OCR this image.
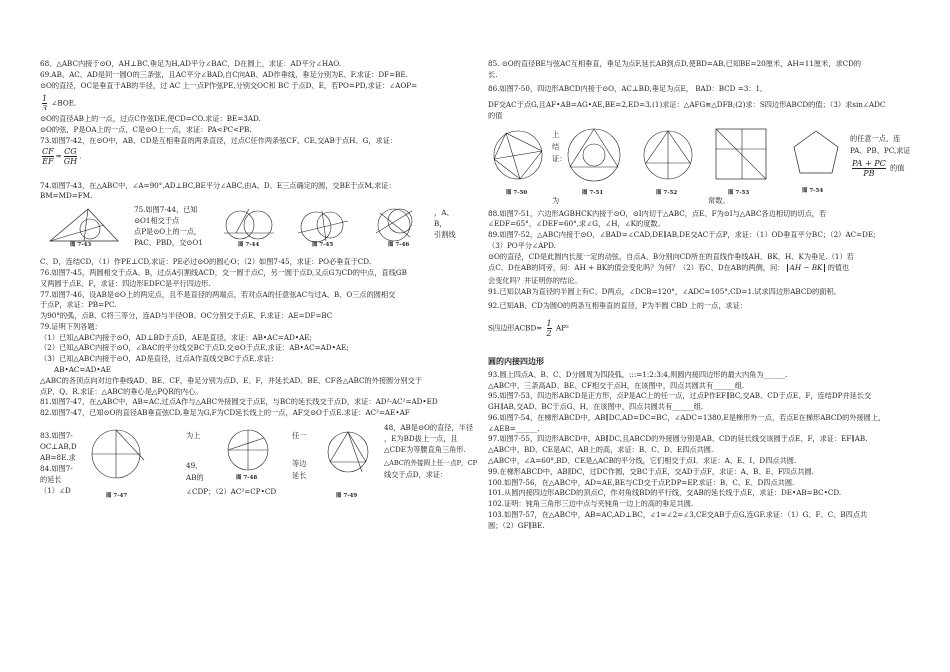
68、△ABC内接于⊙O，AH⊥BC,垂足为H,AD平分∠BAC，D在圆上，求证：AD平分∠HAO.
69.AB、AC、AD是同一圆O的三条弦，且AC平分∠BAD,自C向AB、AD作垂线，垂足分别为E、F.求证：DF=BE.
⊙O的直径，OC是垂直于AB的半径，过 AC 上一点P作弦PE,分别交OC和 BC 于点D、E，若PO=PD,求证：∠AOP=
$\frac{1}{3}$ ∠BOE.
⊙O的直径AB上的一点，过点C作弦DE,使CD=CO.求证：BE=3AD.
⊙O的弦，P是OA上的一点，C是⊙O上一点，求证：PA<PC<PB.
73.如图7-42，在⊙O中，AB、CD是互相垂直的两条直径，过点C任作两条弦CF、CE,交AB于点H、G，求证：
$\frac{CF}{EF} = \frac{CG}{GH}$ .
74.如图7-43，在△ABC中，∠A=90°,AD⊥BC,BE平分∠ABC,由A、D、E三点确定的圆，交BE于点M,求证：
BM=MD=FM.
图 7-43
75.如图7-44，已知
⊙O1相交于点
点P是⊙O上的一点，
PAC、PBD，交⊙O1	图 7-44	图 7-45	图 7-46
，A、
B，
引割线
C、D，连结CD，（1）作PE⊥CD,求证：PE必过⊙O的圆心O；（2）如图7-45，求证：PO必垂直于CD.
76.如图7-45，两圆相交于点A、B，过点A引割线ACD，交一圆于点C，另一圆于点D,又点G为CD的中点，直线GB
又两圆于点E、F，求证：四边形EDFC是平行四边形.
77.如图7-46，设AB是⊙O上的两定点，且不是直径的两端点，若对点A的任意弦AC与过A、B、O三点的圆相交
于点P，求证：PB=PC.
为90°的弧，点B、C将三等分，连AD与半径OB、OC分别交于点E、F.求证：AE=DF=BC
79.证明下列各题：
（1）已知△ABC内接于⊙O，AD⊥BD于点D，AE是直径，求证：AB•AC=AD•AE;
（2）已知△ABC内接于⊙O，∠BAC的平分线交BC于点D,交⊙O于点E,求证：AB•AC=AD•AE;
（3）已知△ABC内接于⊙O，AD是直径，过点A作直线交BC于点E,求证：
AB•AC=AD•AE
△ABC的各顶点向对边作垂线AD、BE、CF，垂足分别为点D、E、F，并延长AD、BE、CF各△ABC的外接圆分别交于
点P、Q、R.求证：△ABC的垂心是△PQR的内心。
81.如图7-47，在△ABC中，AB=AC,过点A作与△ABC外接圆交于点E，与BC的延长线交于点D，求证：AD²-AC²=AD•ED
82.如图7-47，已知⊙O的直径AB垂直弦CD,垂足为G,F为CD延长线上的一点，AF交⊙O于点E.求证：AC²=AE•AF
83.如图7-
OC⊥AB,D
AB=8E.求
84.如图7-
的延长
（1）∠D
图 7-47
为上
49，
AB的	图 7-48
任一
等边
延长
∠CDP；（2）AC²=CP•CD	图 7-49
48，AB是⊙O的直径，半径
，E为BD拔上一点，且
△CDE为等腰直角三角形.
△ABC的外接圆上任一点P，CP
线交于点D，求证：
85. ⊙O的直径BE与弦AC互相垂直，垂足为点F,延长AB到点D,使BD=AB,已知BE=20厘米，AH=11厘米，求CD的
长.
86.如图7-50，四边形ABCD内接于⊙O，AC⊥BD,垂足为点E， $\overline{BAD}$：$\overline{BCD} =3$：1,
DF交AC于点G,且AF•AB=AG•AE,BE=2,ED=3,(1)求证：△AFG≌△DFB;(2)求：S四边形ABCD的值；（3）求sin∠ADC
的值
图 7-50
上
结
证：
为
图 7-51	图 7-52	图 7-53	图 7-54
的任意一点，连
PA、PB、PC,求证
$\frac{PA + PC}{PB}$ 的值
常数。
88.如图7-51，六边形AGBHCK内接于⊙O，⊙I内切于△ABC，点E、F为⊙I与△ABC各边相切的切点，若
∠EDF=65°，∠DEF=60°,求∠G，∠H，∠K的度数。
89.如图7-52，△ABC内接于⊙O，∠BAD=∠CAD,DE∥AB,DE交AC于点P，求证：（1）OD垂直平分BC；（2）AC=DE;
（3）PO平分∠APD.
⊙O的直径，CD是此圆内长度一定的动弦，自点A、B分别向CD所在的直线作垂线AH、BK，H、K为垂足.（1）若
点C、D在AB的同旁，问：AH + BK的值会变化吗？为何？（2）若C、D在AB的两侧，问： AH − BK 的值也
会变化吗？并证明你的结论。
91.已知以AB为直径的半圆上有C、D两点，∠DCB=120°，∠ADC=105°,CD=1.试求四边形ABCD的面积。
92.已知AB、CD为圆O的两条互相垂直的直径，P为半圆 $\overline{CBD}$ 上的一点，求证：
S四边形ACBD= $\frac{1}{2} AP^2$
圆的内接四边形
93.圆上四点A、B、C、D分圆周为四段弧，:::=1:2:3:4,则圆内接四边形的最大内角为______.
△ABC中，三条高AD、BE、CF相交于点H，在该图中，四点共圆共有______组.
95.如图7-53，四边形ABCD是正方形，点P是AC上的任一点，过点P作EF∥BC,交AB、CD于点E、F，连结DP并延长交
GH∥AB,交AD、BC于点G、H，在该图中，四点共圆共有______组.
96.如图7-54，在梯形ABCD中，AB∥DC,AD=DC=BC，∠ADC=1380,E是梯形外一点，若点E在梯形ABCD的外接圆上，
∠AEB=______.
97.如图7-55，四边形ABCD中，AB∥DC,且ABCD的外接圆分别是AB、CD的延长线交该圆于点E、F，求证：EF∥AB.
△ABC中，BD、CE是AC、AB上的高，求证：B、C、D、E四点共圆.
△ABC中，∠A=60°,BD、CE是△ACB的平分线，它们相交于点I．求证：A、E、I、D四点共圆.
99.在梯形ABCD中，AB∥DC，过DC作圆，交BC于点E，交AD于点F，求证：A、B、E、F四点共圆.
100.如图7-56，在△ABC中，AD=AE,BE与CD交于点P,DP=EP,求证：B、C、E、D四点共圆.
101.从圆内接四边形ABCD的顶点C，作对角线BD的平行线，交AB的延长线于点E，求证：DE•AB=BC•CD.
102.证明：钝角三角形三边中点与夹钝角一边上的高的垂足共圆.
103.如图7-57，在△ABC中，AB=AC,AD⊥BC，∠1=∠2=∠3,CE交AB于点G,连GF.求证：（1）G、F、C、B四点共
圆；（2）GF∥BE.
